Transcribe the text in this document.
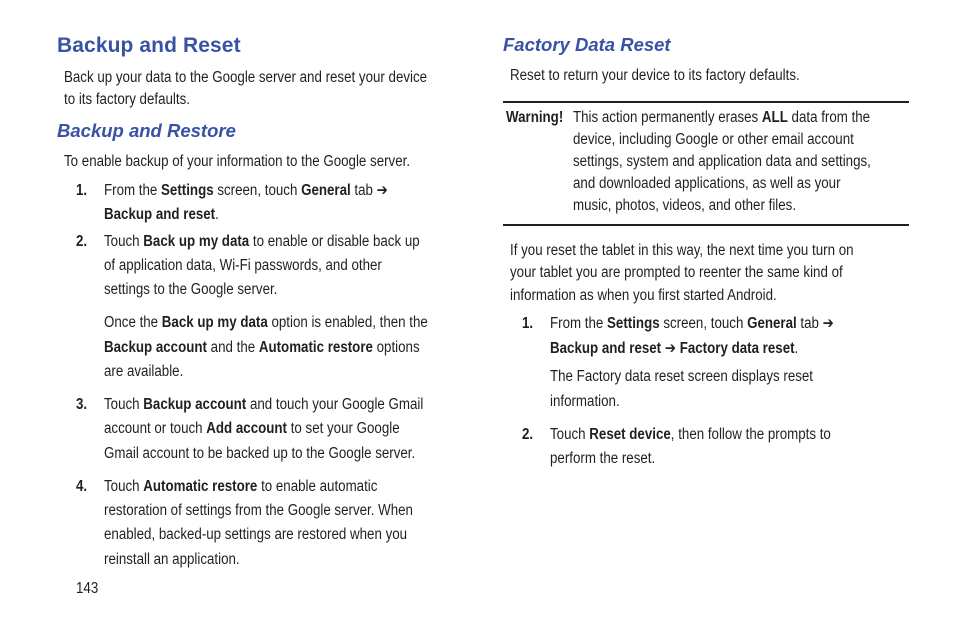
Backup and Reset
Back up your data to the Google server and reset your device
to its factory defaults.
Backup and Restore
To enable backup of your information to the Google server.
1. From the Settings screen, touch General tab ➔
Backup and reset.
2. Touch Back up my data to enable or disable back up
of application data, Wi-Fi passwords, and other
settings to the Google server.
Once the Back up my data option is enabled, then the
Backup account and the Automatic restore options
are available.
3. Touch Backup account and touch your Google Gmail
account or touch Add account to set your Google
Gmail account to be backed up to the Google server.
4. Touch Automatic restore to enable automatic
restoration of settings from the Google server. When
enabled, backed-up settings are restored when you
reinstall an application.
143
Factory Data Reset
Reset to return your device to its factory defaults.
Warning! This action permanently erases ALL data from the
device, including Google or other email account
settings, system and application data and settings,
and downloaded applications, as well as your
music, photos, videos, and other files.
If you reset the tablet in this way, the next time you turn on
your tablet you are prompted to reenter the same kind of
information as when you first started Android.
1. From the Settings screen, touch General tab ➔
Backup and reset ➔ Factory data reset.
The Factory data reset screen displays reset
information.
2. Touch Reset device, then follow the prompts to
perform the reset.
